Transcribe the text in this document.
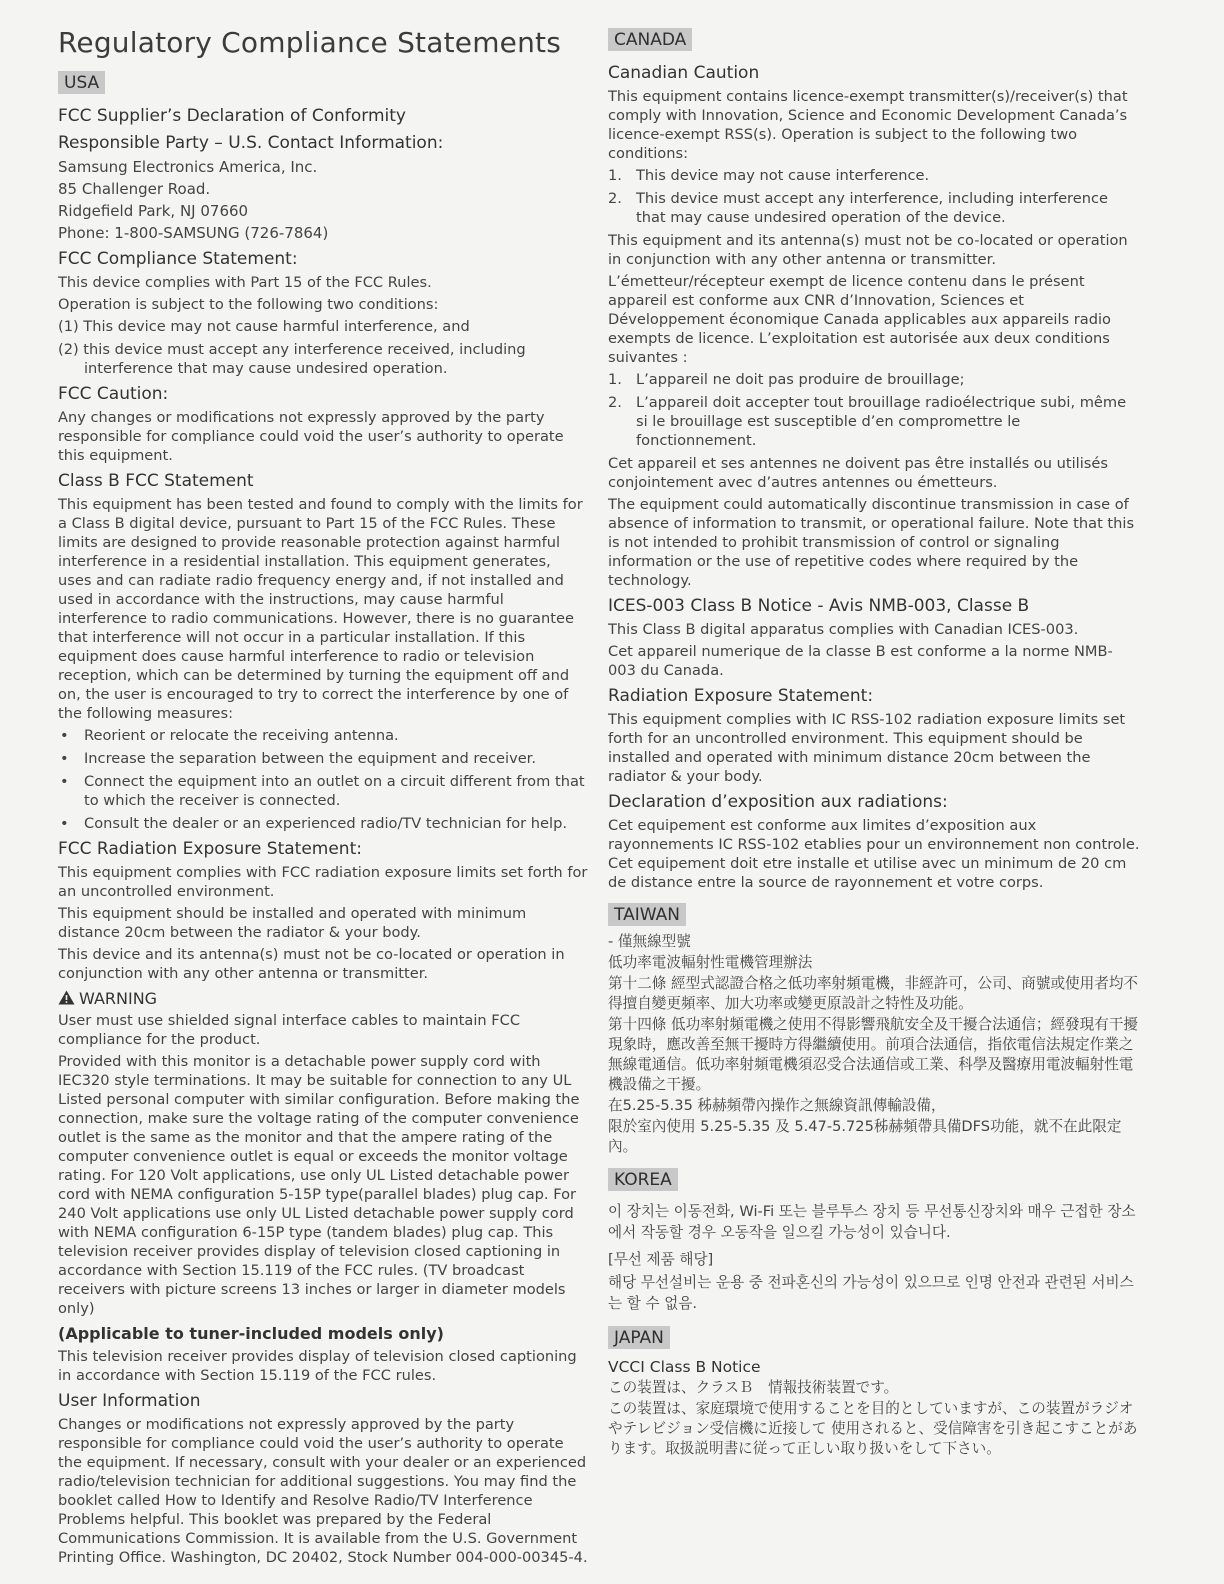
Regulatory Compliance Statements
USA
FCC Supplier’s Declaration of Conformity
Responsible Party – U.S. Contact Information:

Samsung Electronics America, Inc.

85 Challenger Road.

Ridgefield Park, NJ 07660

Phone: 1-800-SAMSUNG (726-7864)

FCC Compliance Statement:

This device complies with Part 15 of the FCC Rules.

Operation is subject to the following two conditions:

(1) This device may not cause harmful interference, and
(2) this device must accept any interference received, including interference that may cause undesired operation.
FCC Caution:

Any changes or modifications not expressly approved by the party responsible for compliance could void the user’s authority to operate this equipment.

Class B FCC Statement

This equipment has been tested and found to comply with the limits for a Class B digital device, pursuant to Part 15 of the FCC Rules. These limits are designed to provide reasonable protection against harmful interference in a residential installation. This equipment generates, uses and can radiate radio frequency energy and, if not installed and used in accordance with the instructions, may cause harmful interference to radio communications. However, there is no guarantee that interference will not occur in a particular installation. If this equipment does cause harmful interference to radio or television reception, which can be determined by turning the equipment off and on, the user is encouraged to try to correct the interference by one of the following measures:

• Reorient or relocate the receiving antenna.
• Increase the separation between the equipment and receiver.
• Connect the equipment into an outlet on a circuit different from that to which the receiver is connected.
• Consult the dealer or an experienced radio/TV technician for help.
FCC Radiation Exposure Statement:

This equipment complies with FCC radiation exposure limits set forth for an uncontrolled environment.

This equipment should be installed and operated with minimum distance 20cm between the radiator & your body.

This device and its antenna(s) must not be co-located or operation in conjunction with any other antenna or transmitter.

WARNING

User must use shielded signal interface cables to maintain FCC compliance for the product.

Provided with this monitor is a detachable power supply cord with IEC320 style terminations. It may be suitable for connection to any UL Listed personal computer with similar configuration. Before making the connection, make sure the voltage rating of the computer convenience outlet is the same as the monitor and that the ampere rating of the computer convenience outlet is equal or exceeds the monitor voltage rating. For 120 Volt applications, use only UL Listed detachable power cord with NEMA configuration 5-15P type(parallel blades) plug cap. For 240 Volt applications use only UL Listed detachable power supply cord with NEMA configuration 6-15P type (tandem blades) plug cap. This television receiver provides display of television closed captioning in accordance with Section 15.119 of the FCC rules. (TV broadcast receivers with picture screens 13 inches or larger in diameter models only)

(Applicable to tuner-included models only)

This television receiver provides display of television closed captioning in accordance with Section 15.119 of the FCC rules.

User Information

Changes or modifications not expressly approved by the party responsible for compliance could void the user’s authority to operate the equipment. If necessary, consult with your dealer or an experienced radio/television technician for additional suggestions. You may find the booklet called How to Identify and Resolve Radio/TV Interference Problems helpful. This booklet was prepared by the Federal Communications Commission. It is available from the U.S. Government Printing Office. Washington, DC 20402, Stock Number 004-000-00345-4.

CANADA
Canadian Caution

This equipment contains licence-exempt transmitter(s)/receiver(s) that comply with Innovation, Science and Economic Development Canada’s licence-exempt RSS(s). Operation is subject to the following two conditions:

1. This device may not cause interference.
2. This device must accept any interference, including interference that may cause undesired operation of the device.

This equipment and its antenna(s) must not be co-located or operation in conjunction with any other antenna or transmitter.

L’émetteur/récepteur exempt de licence contenu dans le présent appareil est conforme aux CNR d’Innovation, Sciences et Développement économique Canada applicables aux appareils radio exempts de licence. L’exploitation est autorisée aux deux conditions suivantes :

1. L’appareil ne doit pas produire de brouillage;
2. L’appareil doit accepter tout brouillage radioélectrique subi, même si le brouillage est susceptible d’en compromettre le fonctionnement.

Cet appareil et ses antennes ne doivent pas être installés ou utilisés conjointement avec d’autres antennes ou émetteurs.

The equipment could automatically discontinue transmission in case of absence of information to transmit, or operational failure. Note that this is not intended to prohibit transmission of control or signaling information or the use of repetitive codes where required by the technology.

ICES-003 Class B Notice - Avis NMB-003, Classe B

This Class B digital apparatus complies with Canadian ICES-003.

Cet appareil numerique de la classe B est conforme a la norme NMB-003 du Canada.

Radiation Exposure Statement:

This equipment complies with IC RSS-102 radiation exposure limits set forth for an uncontrolled environment. This equipment should be installed and operated with minimum distance 20cm between the radiator & your body.

Declaration d’exposition aux radiations:

Cet equipement est conforme aux limites d’exposition aux rayonnements IC RSS-102 etablies pour un environnement non controle. Cet equipement doit etre installe et utilise avec un minimum de 20 cm de distance entre la source de rayonnement et votre corps.

TAIWAN

- 僅無線型號

低功率電波輻射性電機管理辦法

第十二條 經型式認證合格之低功率射頻電機，非經許可，公司、商號或使用者均不得擅自變更頻率、加大功率或變更原設計之特性及功能。

第十四條 低功率射頻電機之使用不得影響飛航安全及干擾合法通信；經發現有干擾現象時，應改善至無干擾時方得繼續使用。前項合法通信，指依電信法規定作業之無線電通信。低功率射頻電機須忍受合法通信或工業、科學及醫療用電波輻射性電機設備之干擾。

在5.25-5.35 秭赫頻帶內操作之無線資訊傳輸設備，

限於室內使用 5.25-5.35 及 5.47-5.725秭赫頻帶具備DFS功能，就不在此限定內。

KOREA

이 장치는 이동전화, Wi-Fi 또는 블루투스 장치 등 무선통신장치와 매우 근접한 장소에서 작동할 경우 오동작을 일으킬 가능성이 있습니다.

[무선 제품 해당]

해당 무선설비는 운용 중 전파혼신의 가능성이 있으므로 인명 안전과 관련된 서비스는 할 수 없음.

JAPAN
VCCI Class B Notice

この装置は、クラスＢ　情報技術装置です。

この装置は、家庭環境で使用することを目的としていますが、この装置がラジオやテレビジョン受信機に近接して 使用されると、受信障害を引き起こすことがあります。取扱説明書に従って正しい取り扱いをして下さい。
